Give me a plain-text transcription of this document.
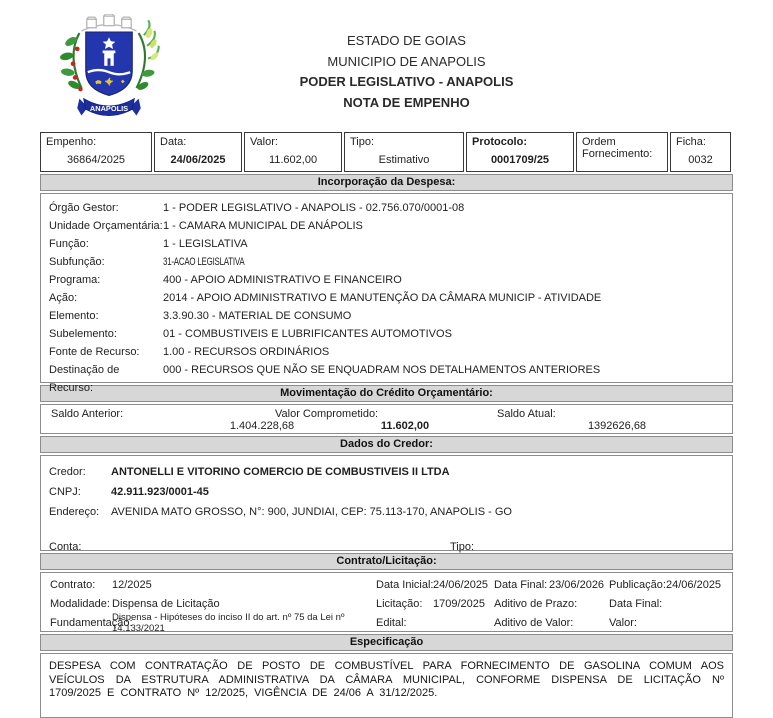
ANAPOLIS
ESTADO DE GOIAS
MUNICIPIO DE ANAPOLIS
PODER LEGISLATIVO - ANAPOLIS
NOTA DE EMPENHO
Empenho:
36864/2025
Data:
24/06/2025
Valor:
11.602,00
Tipo:
Estimativo
Protocolo:
0001709/25
Ordem Fornecimento:
Ficha:
0032
Incorporação da Despesa:
Órgão Gestor:	1 - PODER LEGISLATIVO - ANAPOLIS - 02.756.070/0001-08
Unidade Orçamentária: 1 - CAMARA MUNICIPAL DE ANÁPOLIS
Função:	1 - LEGISLATIVA
Subfunção:	31-ACAO LEGISLATIVA
Programa:	400 - APOIO ADMINISTRATIVO E FINANCEIRO
Ação:	2014 - APOIO ADMINISTRATIVO E MANUTENÇÃO DA CÂMARA MUNICIP - ATIVIDADE
Elemento:	3.3.90.30 - MATERIAL DE CONSUMO
Subelemento:	01 - COMBUSTIVEIS E LUBRIFICANTES AUTOMOTIVOS
Fonte de Recurso:	1.00 - RECURSOS ORDINÁRIOS
Destinação de Recurso:
000 - RECURSOS QUE NÃO SE ENQUADRAM NOS DETALHAMENTOS ANTERIORES
Movimentação do Crédito Orçamentário:
Saldo Anterior:	Valor Comprometido:	Saldo Atual:
1.404.228,68	11.602,00	1392626,68
Dados do Credor:
Credor:	ANTONELLI E VITORINO COMERCIO DE COMBUSTIVEIS II LTDA
CNPJ:	42.911.923/0001-45
Endereço:	AVENIDA MATO GROSSO, N°: 900, JUNDIAI, CEP: 75.113-170, ANAPOLIS - GO
Conta:	Tipo:
Contrato/Licitação:
Contrato: 12/2025	Data Inicial: 24/06/2025 Data Final: 23/06/2026 Publicação: 24/06/2025
Modalidade: Dispensa de Licitação	Licitação: 1709/2025 Aditivo de Prazo:	Data Final:
Fundamentação:
Dispensa - Hipóteses do inciso II do art. nº 75 da Lei nº 14.133/2021	Edital:	Aditivo de Valor:	Valor:
Especificação

DESPESA COM CONTRATAÇÃO DE POSTO DE COMBUSTÍVEL PARA FORNECIMENTO DE GASOLINA COMUM AOS VEÍCULOS DA ESTRUTURA ADMINISTRATIVA DA CÂMARA MUNICIPAL, CONFORME DISPENSA DE LICITAÇÃO Nº 1709/2025 E CONTRATO Nº 12/2025, VIGÊNCIA DE 24/06 A 31/12/2025.
